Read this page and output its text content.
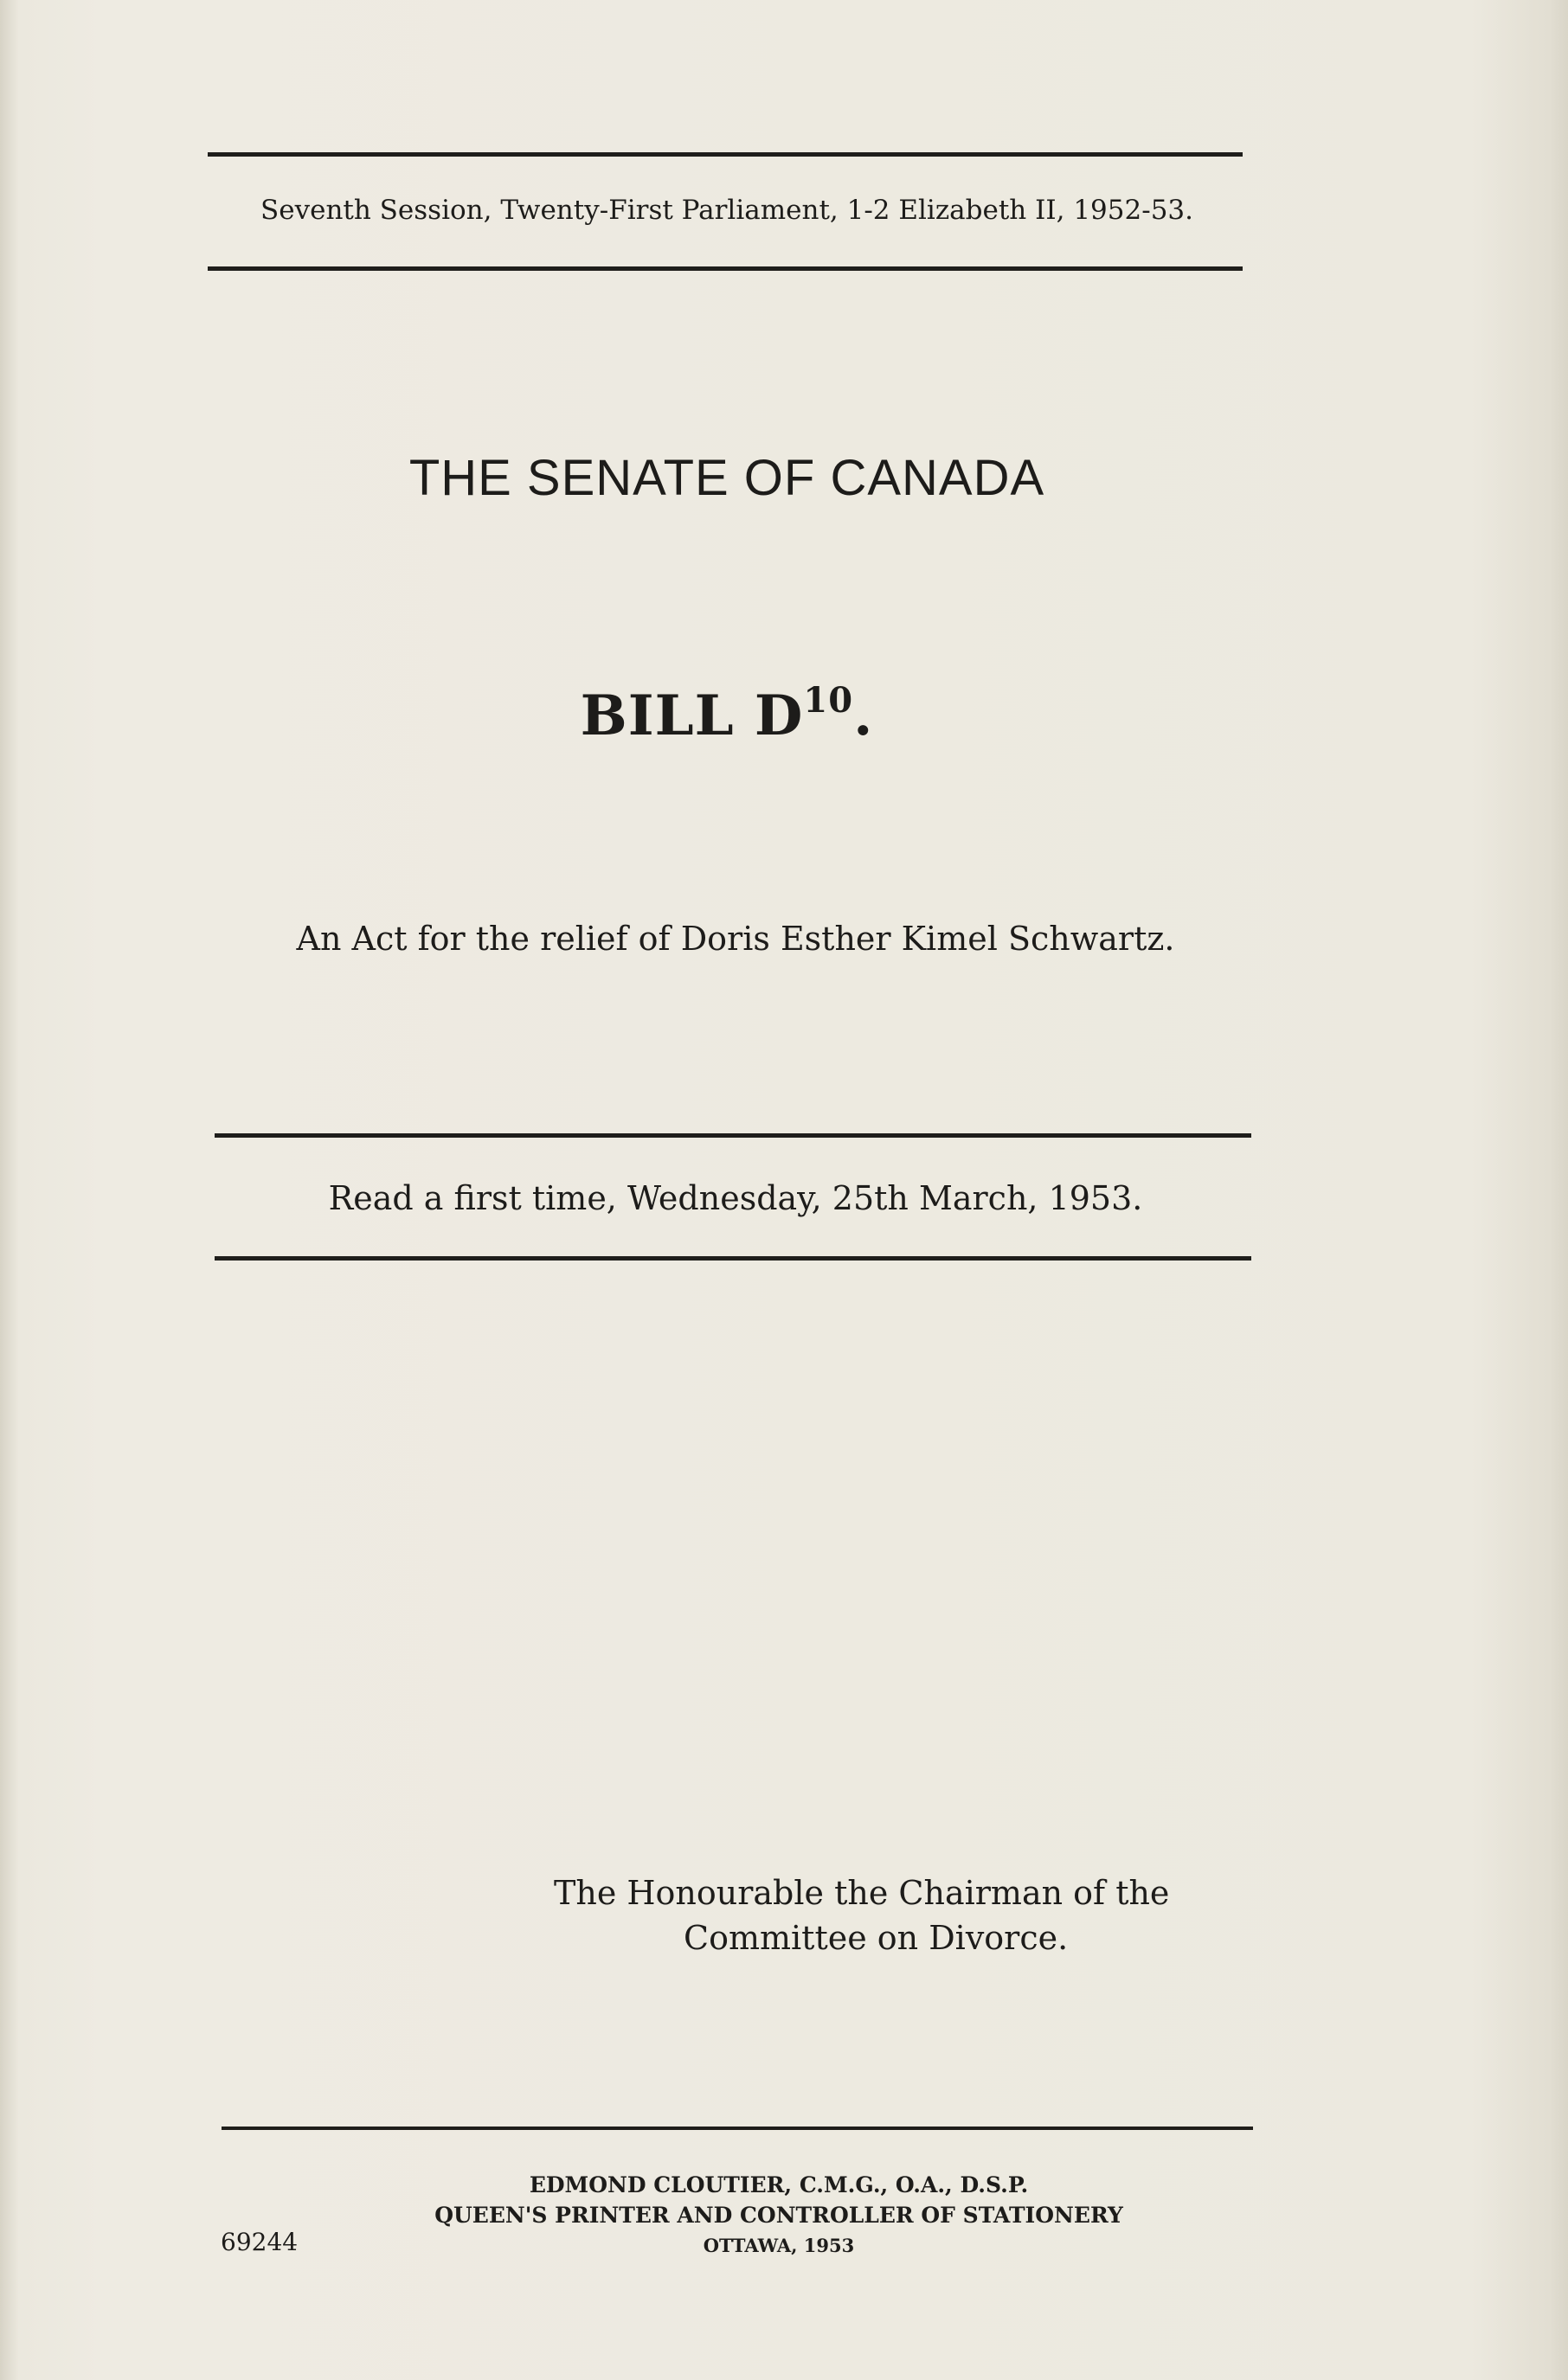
Seventh Session, Twenty-First Parliament, 1-2 Elizabeth II, 1952-53.
THE SENATE OF CANADA
BILL $D^{10}$.
An Act for the relief of Doris Esther Kimel Schwartz.
Read a first time, Wednesday, 25th March, 1953.
The Honourable the Chairman of the
Committee on Divorce.
EDMOND CLOUTIER, C.M.G., O.A., D.S.P.
QUEEN'S PRINTER AND CONTROLLER OF STATIONERY
OTTAWA, 1953
69244
